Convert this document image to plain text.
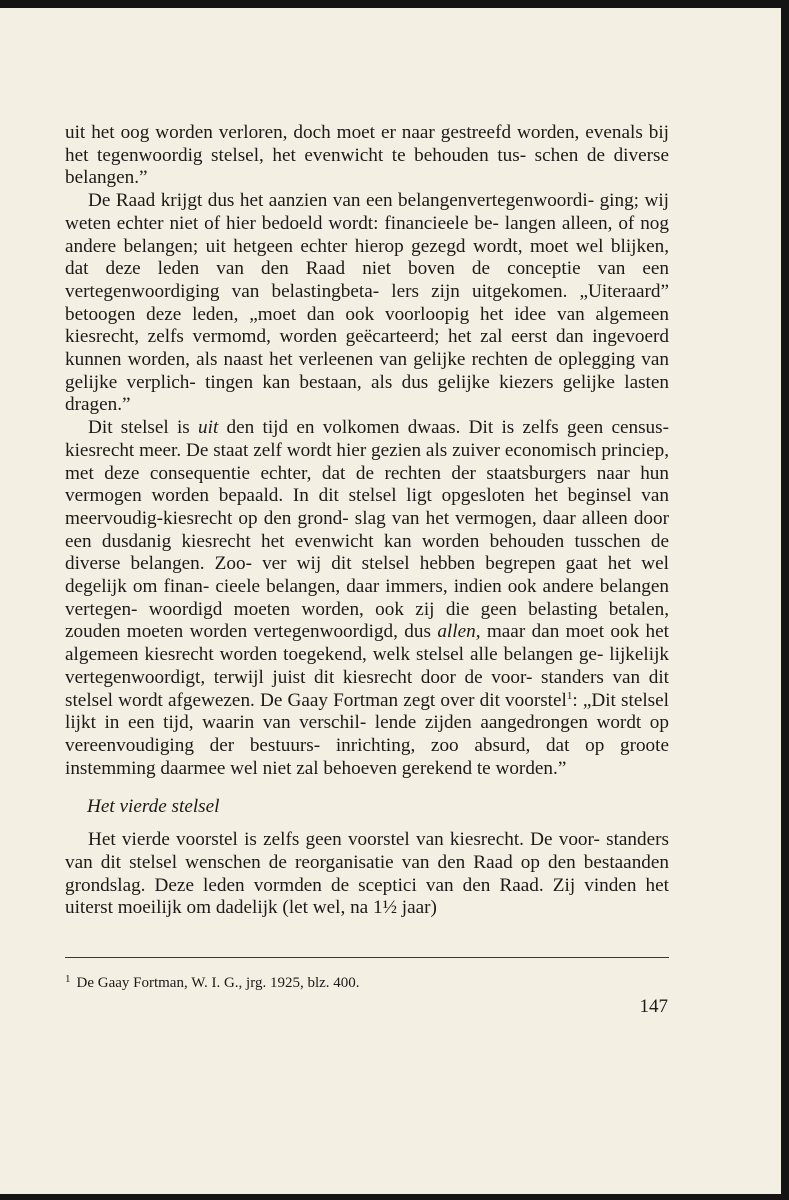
uit het oog worden verloren, doch moet er naar gestreefd worden, evenals bij het tegenwoordig stelsel, het evenwicht te behouden tus- schen de diverse belangen.”

De Raad krijgt dus het aanzien van een belangenvertegenwoordi- ging; wij weten echter niet of hier bedoeld wordt: financieele be- langen alleen, of nog andere belangen; uit hetgeen echter hierop gezegd wordt, moet wel blijken, dat deze leden van den Raad niet boven de conceptie van een vertegenwoordiging van belastingbeta- lers zijn uitgekomen. „Uiteraard” betoogen deze leden, „moet dan ook voorloopig het idee van algemeen kiesrecht, zelfs vermomd, worden geëcarteerd; het zal eerst dan ingevoerd kunnen worden, als naast het verleenen van gelijke rechten de oplegging van gelijke verplich- tingen kan bestaan, als dus gelijke kiezers gelijke lasten dragen.”

Dit stelsel is uit den tijd en volkomen dwaas. Dit is zelfs geen census-kiesrecht meer. De staat zelf wordt hier gezien als zuiver economisch princiep, met deze consequentie echter, dat de rechten der staatsburgers naar hun vermogen worden bepaald. In dit stelsel ligt opgesloten het beginsel van meervoudig-kiesrecht op den grond- slag van het vermogen, daar alleen door een dusdanig kiesrecht het evenwicht kan worden behouden tusschen de diverse belangen. Zoo- ver wij dit stelsel hebben begrepen gaat het wel degelijk om finan- cieele belangen, daar immers, indien ook andere belangen vertegen- woordigd moeten worden, ook zij die geen belasting betalen, zouden moeten worden vertegenwoordigd, dus allen, maar dan moet ook het algemeen kiesrecht worden toegekend, welk stelsel alle belangen ge- lijkelijk vertegenwoordigt, terwijl juist dit kiesrecht door de voor- standers van dit stelsel wordt afgewezen. De Gaay Fortman zegt over dit voorstel$^1$: „Dit stelsel lijkt in een tijd, waarin van verschil- lende zijden aangedrongen wordt op vereenvoudiging der bestuurs- inrichting, zoo absurd, dat op groote instemming daarmee wel niet zal behoeven gerekend te worden.”

Het vierde stelsel

Het vierde voorstel is zelfs geen voorstel van kiesrecht. De voor- standers van dit stelsel wenschen de reorganisatie van den Raad op den bestaanden grondslag. Deze leden vormden de sceptici van den Raad. Zij vinden het uiterst moeilijk om dadelijk (let wel, na 1½ jaar)

$^1$ De Gaay Fortman, W. I. G., jrg. 1925, blz. 400.
147
